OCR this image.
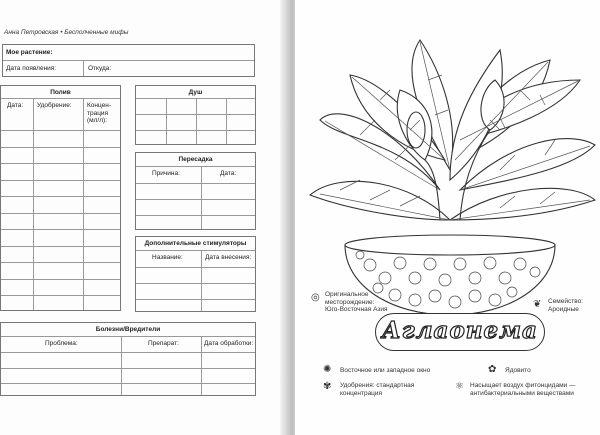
Анна Петровская • Бесполченные мифы
Мое растение:
Дата появления:	Откуда:
Полив
Дата: Удобрение: Концен-
трация
(мл/л):
Душ
Пересадка
Причина:	Дата:
Дополнительные стимуляторы
Название:	Дата внесения:
Болезни/Вредители
Проблема:	Препарат:	Дата обработки:
◎ Оригинальное
месторождение:
Юго-Восточная Азия	❦ Семейство:
Ароидные
Аглаонема
✺ Восточное или западное окно	✿ Ядовито
✾ Удобрения: стандартная
концентрация
⚛ Насыщает воздух фитонцидами —
антибактериальными веществами
